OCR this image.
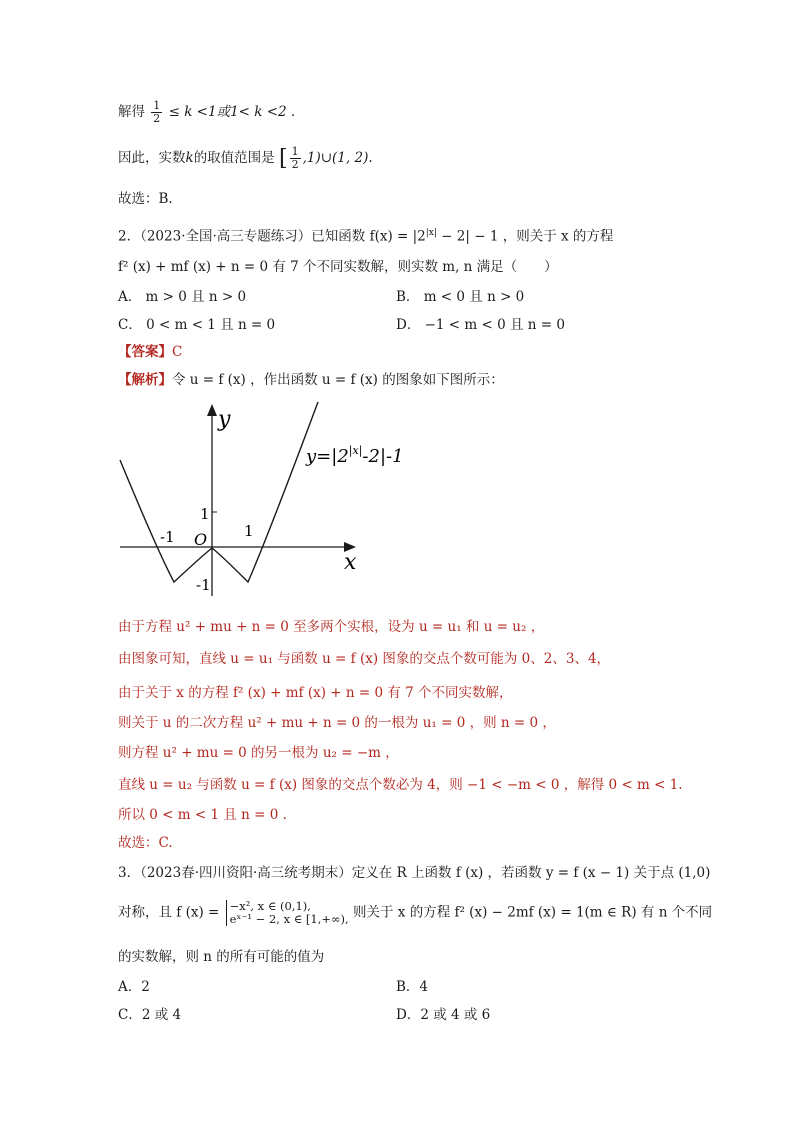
解得 $\frac{1}{2} \le k <1$或1< k <2 .
因此，实数k的取值范围是 [ $\frac{1}{2}$ ,1)∪(1, 2).
故选：B.
2．（2023·全国·高三专题练习）已知函数 $f(x) = |2^{|x|} - 2| - 1$ ，则关于 x 的方程
f² (x) + mf (x) + n = 0 有 7 个不同实数解，则实数 m, n 满足（　　）
A． m > 0 且 n > 0	B． m < 0 且 n > 0
C． 0 < m < 1 且 n = 0	D． −1 < m < 0 且 n = 0
【答案】C
【解析】令 u = f (x) ，作出函数 u = f (x) 的图象如下图所示：
y
x
O
-1	1
1
-1
$y=|2^{|x|}-2|-1$
由于方程 u² + mu + n = 0 至多两个实根，设为 u = u₁ 和 u = u₂ ，
由图象可知，直线 u = u₁ 与函数 u = f (x) 图象的交点个数可能为 0、2、3、4，
由于关于 x 的方程 f² (x) + mf (x) + n = 0 有 7 个不同实数解，
则关于 u 的二次方程 u² + mu + n = 0 的一根为 u₁ = 0 ，则 n = 0 ，
则方程 u² + mu = 0 的另一根为 u₂ = −m ，
直线 u = u₂ 与函数 u = f (x) 图象的交点个数必为 4，则 −1 < −m < 0 ，解得 0 < m < 1.
所以 0 < m < 1 且 n = 0 .
故选：C.
3．（2023春·四川资阳·高三统考期末）定义在 R 上函数 f (x) ，若函数 y = f (x − 1) 关于点 (1,0)
对称，且 f (x) = −x², x ∈ (0,1),
eˣ⁻¹ − 2, x ∈ [1,+∞), 则关于 x 的方程 f² (x) − 2mf (x) = 1(m ∈ R) 有 n 个不同
的实数解，则 n 的所有可能的值为
A．2	B．4
C．2 或 4	D．2 或 4 或 6
